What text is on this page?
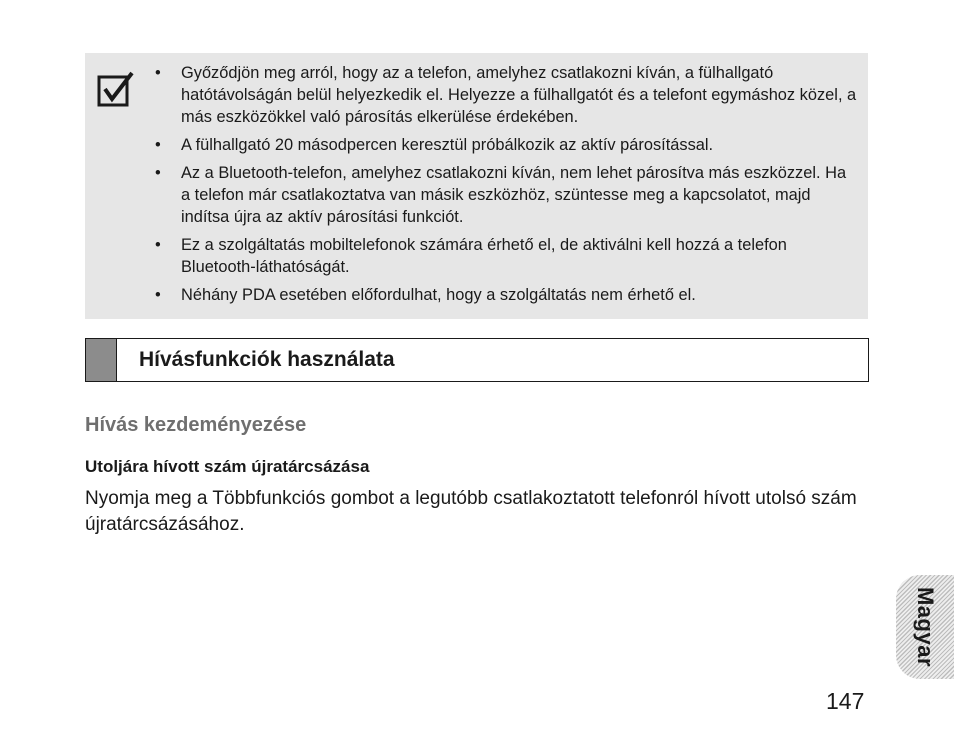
• Győződjön meg arról, hogy az a telefon, amelyhez csatlakozni kíván, a fülhallgató hatótávolságán belül helyezkedik el. Helyezze a fülhallgatót és a telefont egymáshoz közel, a más eszközökkel való párosítás elkerülése érdekében.
• A fülhallgató 20 másodpercen keresztül próbálkozik az aktív párosítással.
• Az a Bluetooth-telefon, amelyhez csatlakozni kíván, nem lehet párosítva más eszközzel. Ha a telefon már csatlakoztatva van másik eszközhöz, szüntesse meg a kapcsolatot, majd indítsa újra az aktív párosítási funkciót.
• Ez a szolgáltatás mobiltelefonok számára érhető el, de aktiválni kell hozzá a telefon Bluetooth-láthatóságát.
• Néhány PDA esetében előfordulhat, hogy a szolgáltatás nem érhető el.
Hívásfunkciók használata
Hívás kezdeményezése
Utoljára hívott szám újratárcsázása
Nyomja meg a Többfunkciós gombot a legutóbb csatlakoztatott telefonról hívott utolsó szám újratárcsázásához.
Magyar
147
